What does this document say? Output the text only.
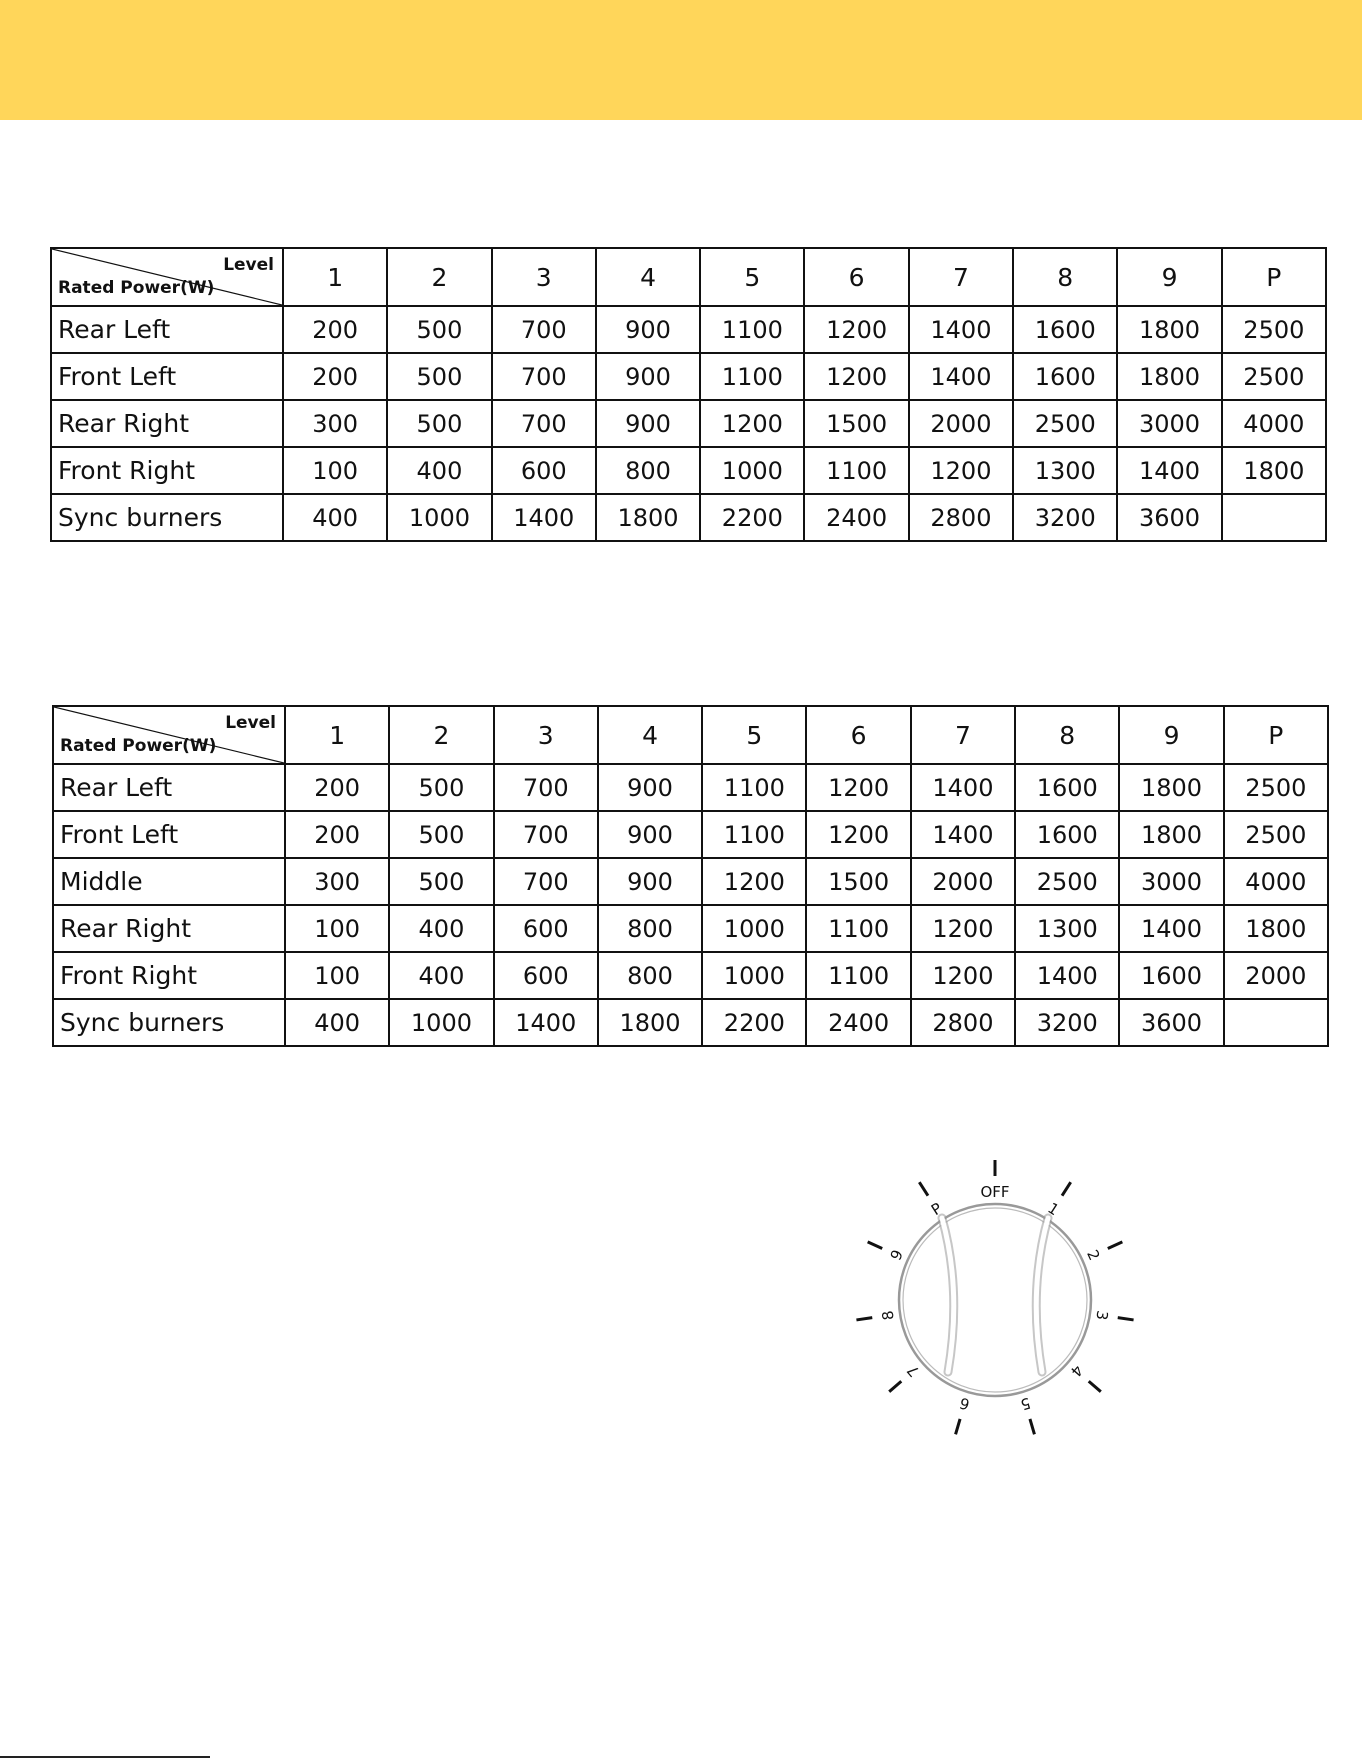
Level
Rated Power(W)	1	2	3	4	5	6	7	8	9	P
Rear Left	200	500	700	900	1100	1200	1400	1600	1800	2500
Front Left	200	500	700	900	1100	1200	1400	1600	1800	2500
Rear Right	300	500	700	900	1200	1500	2000	2500	3000	4000
Front Right	100	400	600	800	1000	1100	1200	1300	1400	1800
Sync burners	400	1000	1400	1800	2200	2400	2800	3200	3600	
Level
Rated Power(W)	1	2	3	4	5	6	7	8	9	P
Rear Left	200	500	700	900	1100	1200	1400	1600	1800	2500
Front Left	200	500	700	900	1100	1200	1400	1600	1800	2500
Middle	300	500	700	900	1200	1500	2000	2500	3000	4000
Rear Right	100	400	600	800	1000	1100	1200	1300	1400	1800
Front Right	100	400	600	800	1000	1100	1200	1400	1600	2000
Sync burners	400	1000	1400	1800	2200	2400	2800	3200	3600	
OFF
1
2
3
4
5
6
7
8
9
P
